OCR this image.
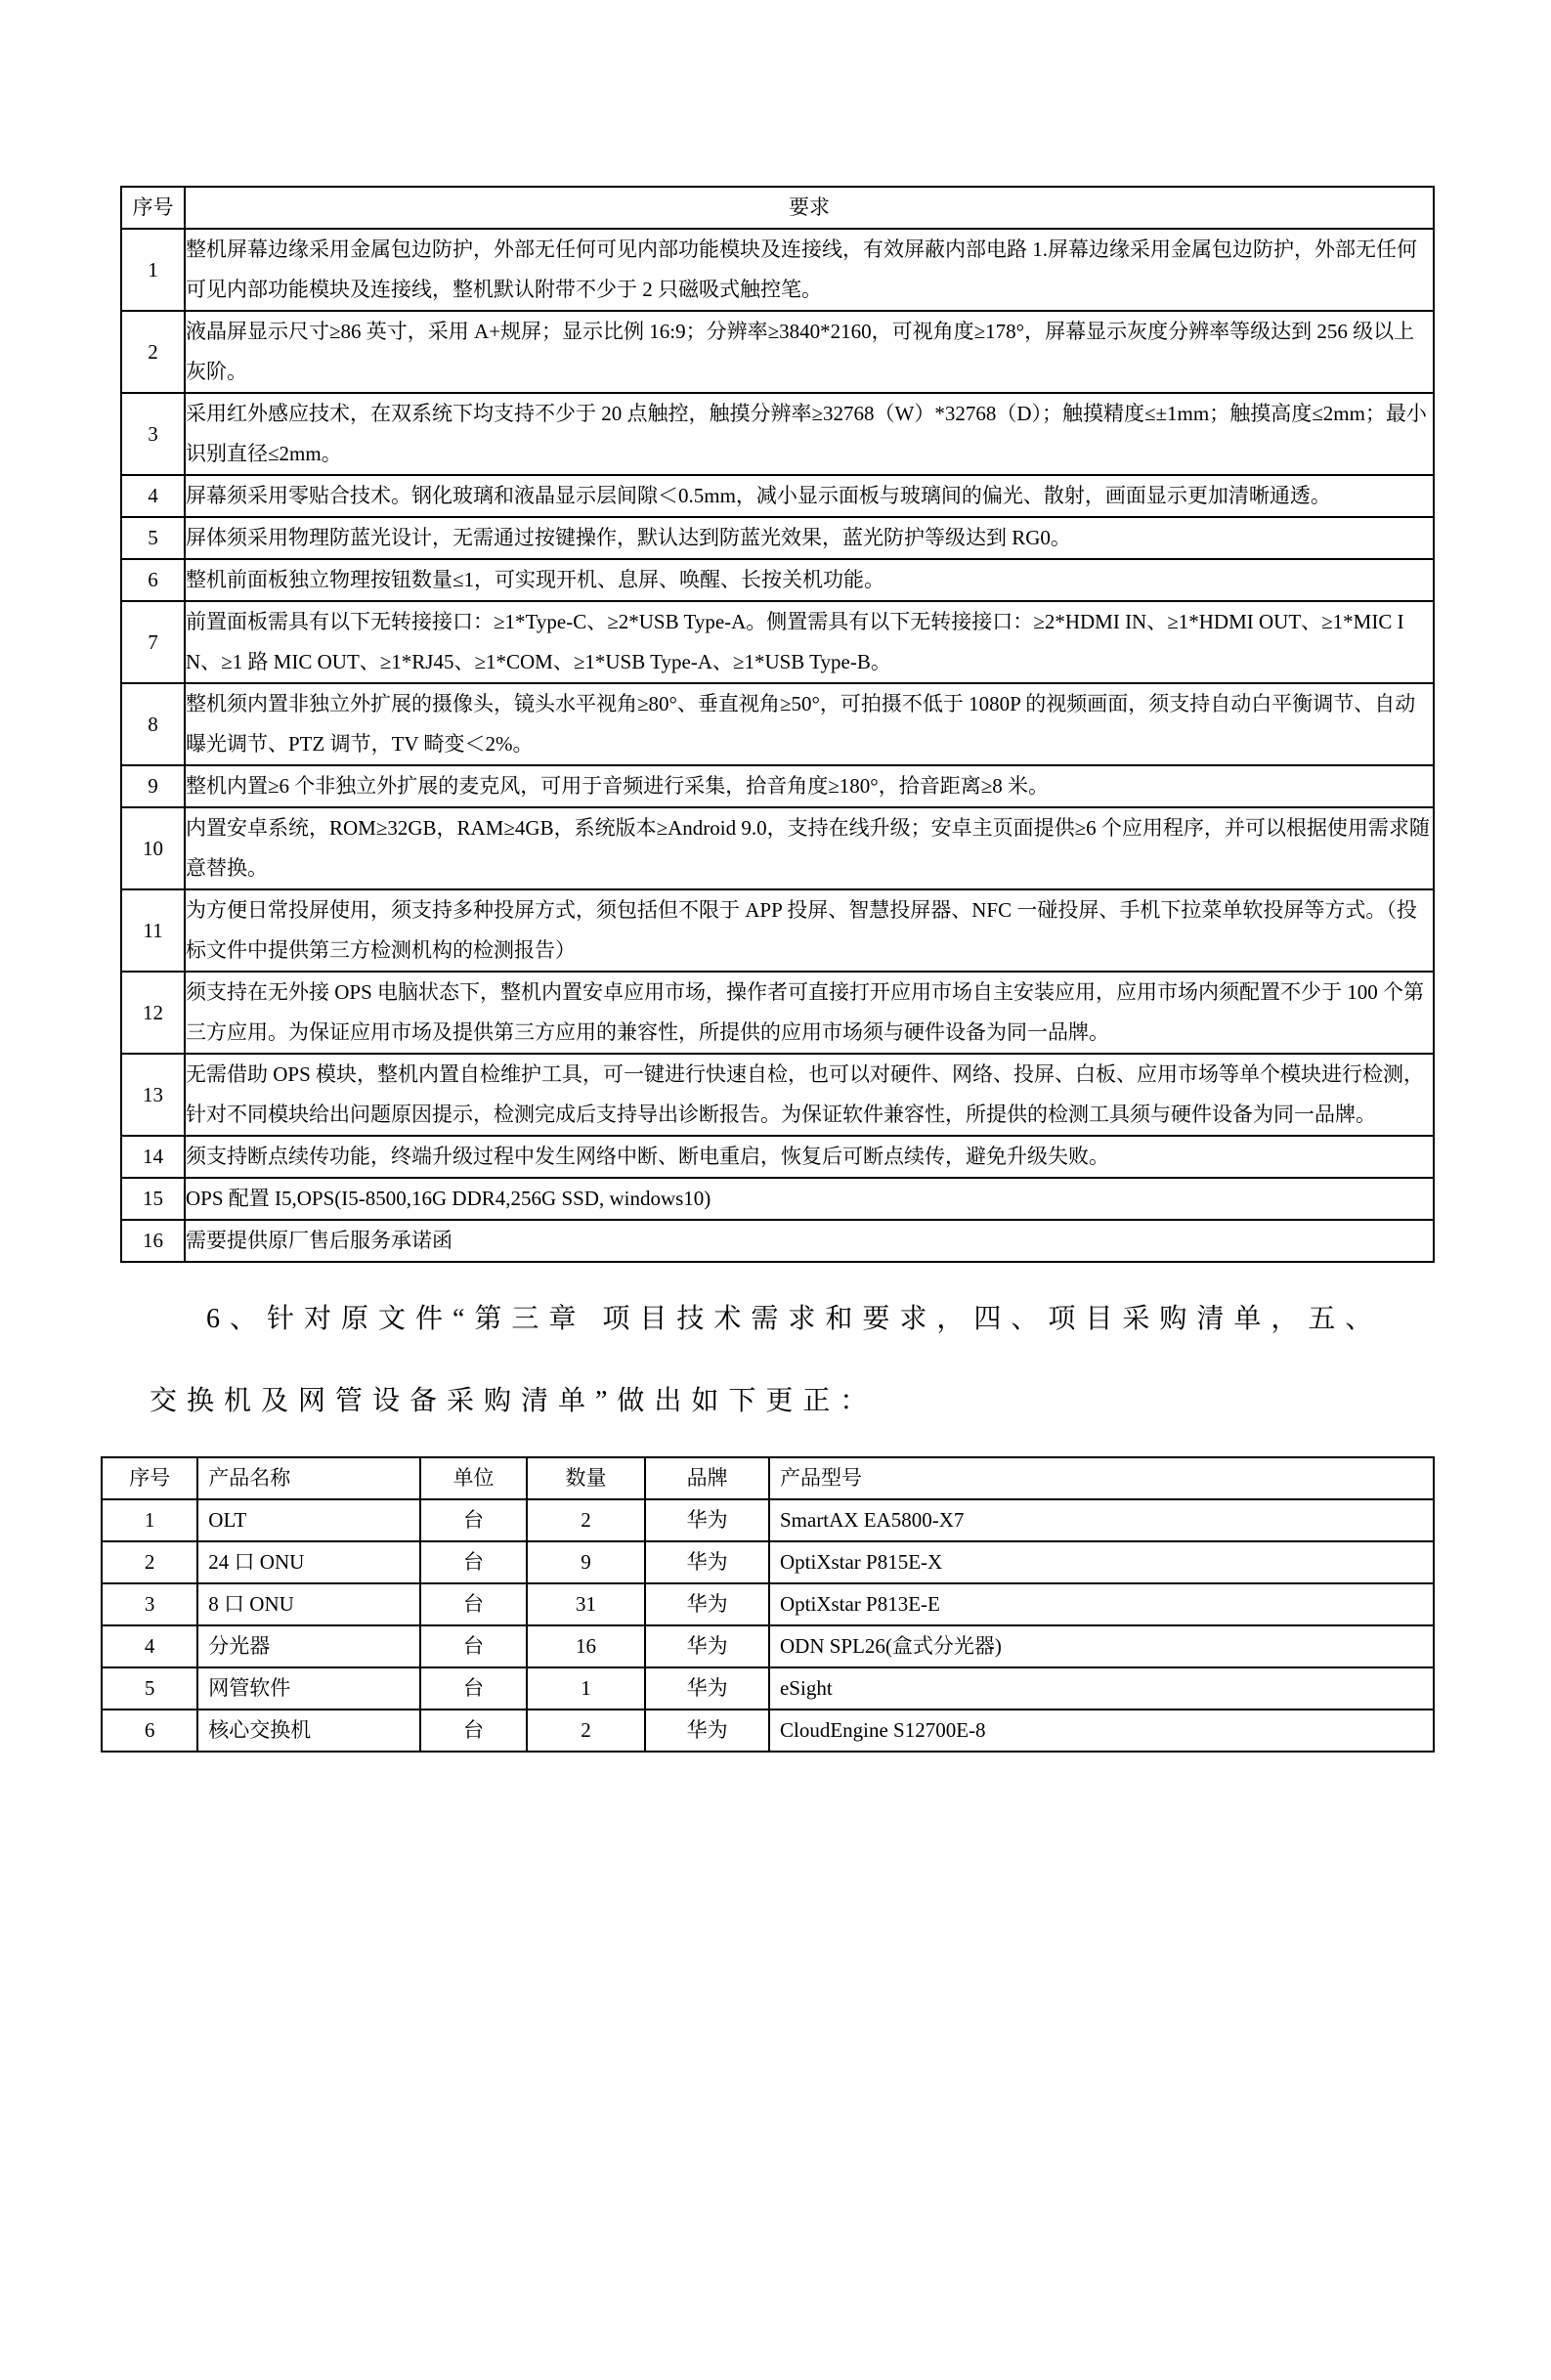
序号	要求
1	整机屏幕边缘采用金属包边防护，外部无任何可见内部功能模块及连接线，有效屏蔽内部电路 1.屏幕边缘采用金属包边防护，外部无任何可见内部功能模块及连接线，整机默认附带不少于 2 只磁吸式触控笔。
2	液晶屏显示尺寸≥86 英寸，采用 A+规屏；显示比例 16:9；分辨率≥3840*2160，可视角度≥178°，屏幕显示灰度分辨率等级达到 256 级以上灰阶。
3	采用红外感应技术，在双系统下均支持不少于 20 点触控，触摸分辨率≥32768（W）*32768（D）；触摸精度≤±1mm；触摸高度≤2mm；最小识别直径≤2mm。
4	屏幕须采用零贴合技术。钢化玻璃和液晶显示层间隙＜0.5mm，减小显示面板与玻璃间的偏光、散射，画面显示更加清晰通透。
5	屏体须采用物理防蓝光设计，无需通过按键操作，默认达到防蓝光效果，蓝光防护等级达到 RG0。
6	整机前面板独立物理按钮数量≤1，可实现开机、息屏、唤醒、长按关机功能。
7	前置面板需具有以下无转接接口：≥1*Type-C、≥2*USB Type-A。侧置需具有以下无转接接口：≥2*HDMI IN、≥1*HDMI OUT、≥1*MIC IN、≥1 路 MIC OUT、≥1*RJ45、≥1*COM、≥1*USB Type-A、≥1*USB Type-B。
8	整机须内置非独立外扩展的摄像头，镜头水平视角≥80°、垂直视角≥50°，可拍摄不低于 1080P 的视频画面，须支持自动白平衡调节、自动曝光调节、PTZ 调节，TV 畸变＜2%。
9	整机内置≥6 个非独立外扩展的麦克风，可用于音频进行采集，拾音角度≥180°，拾音距离≥8 米。
10	内置安卓系统，ROM≥32GB，RAM≥4GB，系统版本≥Android 9.0，支持在线升级；安卓主页面提供≥6 个应用程序，并可以根据使用需求随意替换。
11	为方便日常投屏使用，须支持多种投屏方式，须包括但不限于 APP 投屏、智慧投屏器、NFC 一碰投屏、手机下拉菜单软投屏等方式。（投标文件中提供第三方检测机构的检测报告）
12	须支持在无外接 OPS 电脑状态下，整机内置安卓应用市场，操作者可直接打开应用市场自主安装应用，应用市场内须配置不少于 100 个第三方应用。为保证应用市场及提供第三方应用的兼容性，所提供的应用市场须与硬件设备为同一品牌。
13	无需借助 OPS 模块，整机内置自检维护工具，可一键进行快速自检，也可以对硬件、网络、投屏、白板、应用市场等单个模块进行检测，针对不同模块给出问题原因提示，检测完成后支持导出诊断报告。为保证软件兼容性，所提供的检测工具须与硬件设备为同一品牌。
14	须支持断点续传功能，终端升级过程中发生网络中断、断电重启，恢复后可断点续传，避免升级失败。
15	OPS 配置 I5,OPS(I5-8500,16G DDR4,256G SSD, windows10)
16	需要提供原厂售后服务承诺函

6、针对原文件“第三章 项目技术需求和要求，四、项目采购清单，五、交换机及网管设备采购清单”做出如下更正：

序号	产品名称	单位	数量	品牌	产品型号
1	OLT	台	2	华为	SmartAX EA5800-X7
2	24 口 ONU	台	9	华为	OptiXstar P815E-X
3	8 口 ONU	台	31	华为	OptiXstar P813E-E
4	分光器	台	16	华为	ODN SPL26(盒式分光器)
5	网管软件	台	1	华为	eSight
6	核心交换机	台	2	华为	CloudEngine S12700E-8
